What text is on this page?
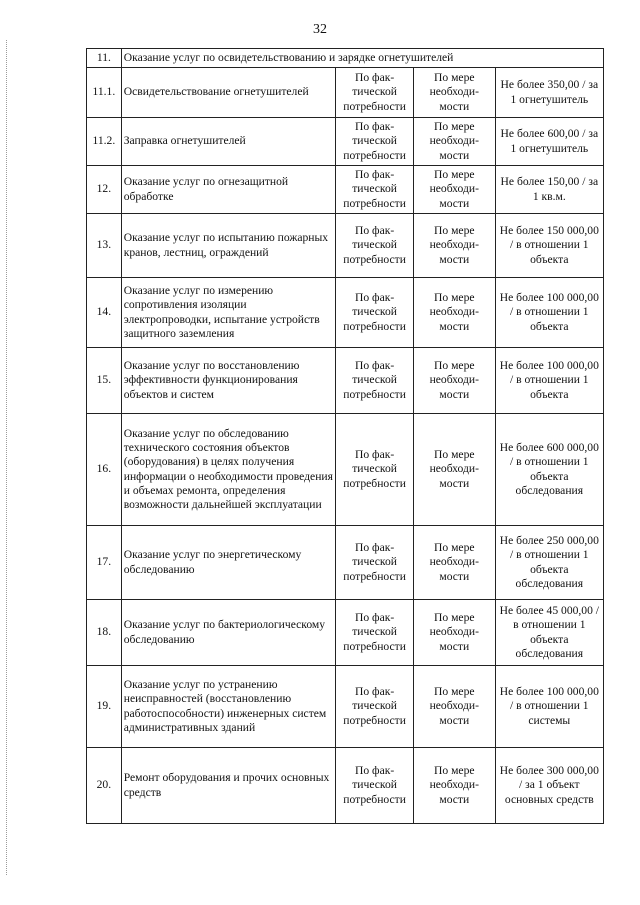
32
11.	Оказание услуг по освидетельствованию и зарядке огнетушителей			
11.1.	Освидетельствование огнетушителей	По фак-тической потребности	По мере необходи-мости	Не более 350,00 / за 1 огнетушитель
11.2.	Заправка огнетушителей	По фак-тической потребности	По мере необходи-мости	Не более 600,00 / за 1 огнетушитель
12.	Оказание услуг по огнезащитной обработке	По фак-тической потребности	По мере необходи-мости	Не более 150,00 / за 1 кв.м.
13.	Оказание услуг по испытанию пожарных кранов, лестниц, ограждений	По фак-тической потребности	По мере необходи-мости	Не более 150 000,00 / в отношении 1 объекта
14.	Оказание услуг по измерению сопротивления изоляции электропроводки, испытание устройств защитного заземления	По фак-тической потребности	По мере необходи-мости	Не более 100 000,00 / в отношении 1 объекта
15.	Оказание услуг по восстановлению эффективности функционирования объектов и систем	По фак-тической потребности	По мере необходи-мости	Не более 100 000,00 / в отношении 1 объекта
16.	Оказание услуг по обследованию технического состояния объектов (оборудования) в целях получения информации о необходимости проведения и объемах ремонта, определения возможности дальнейшей эксплуатации	По фак-тической потребности	По мере необходи-мости	Не более 600 000,00 / в отношении 1 объекта обследования
17.	Оказание услуг по энергетическому обследованию	По фак-тической потребности	По мере необходи-мости	Не более 250 000,00 / в отношении 1 объекта обследования
18.	Оказание услуг по бактериологическому обследованию	По фак-тической потребности	По мере необходи-мости	Не более 45 000,00 / в отношении 1 объекта обследования
19.	Оказание услуг по устранению неисправностей (восстановлению работоспособности) инженерных систем административных зданий	По фак-тической потребности	По мере необходи-мости	Не более 100 000,00 / в отношении 1 системы
20.	Ремонт оборудования и прочих основных средств	По фак-тической потребности	По мере необходи-мости	Не более 300 000,00 / за 1 объект основных средств
